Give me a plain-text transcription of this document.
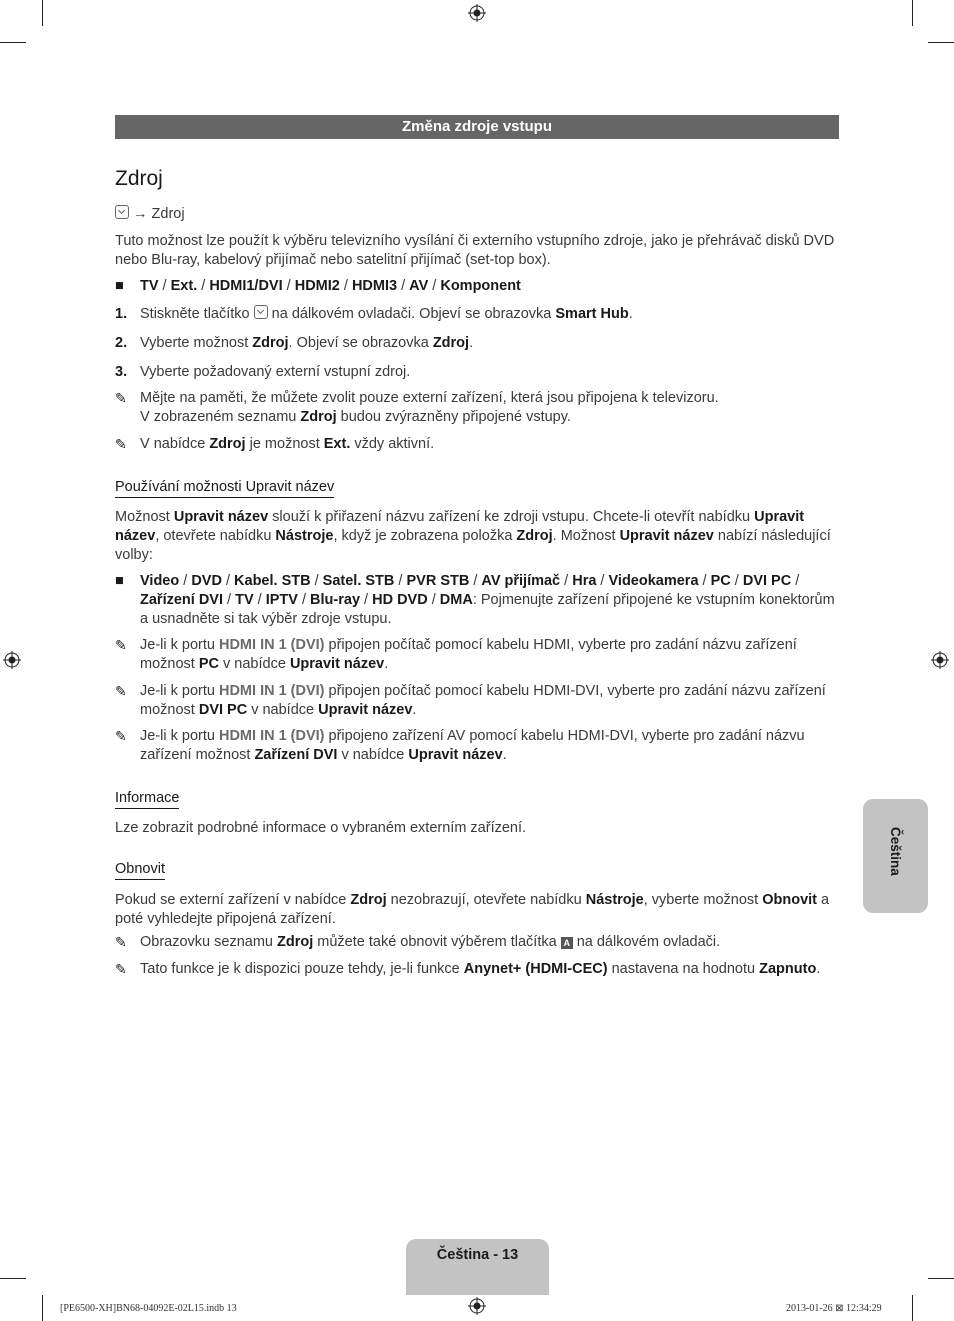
Změna zdroje vstupu
Zdroj
→ Zdroj
Tuto možnost lze použít k výběru televizního vysílání či externího vstupního zdroje, jako je přehrávač disků DVD nebo Blu-ray, kabelový přijímač nebo satelitní přijímač (set-top box).
■	TV / Ext. / HDMI1/DVI / HDMI2 / HDMI3 / AV / Komponent
1. Stiskněte tlačítko  na dálkovém ovladači. Objeví se obrazovka Smart Hub.
2. Vyberte možnost Zdroj. Objeví se obrazovka Zdroj.
3. Vyberte požadovaný externí vstupní zdroj.
✎ Mějte na paměti, že můžete zvolit pouze externí zařízení, která jsou připojena k televizoru.
V zobrazeném seznamu Zdroj budou zvýrazněny připojené vstupy.
✎ V nabídce Zdroj je možnost Ext. vždy aktivní.
Používání možnosti Upravit název
Možnost Upravit název slouží k přiřazení názvu zařízení ke zdroji vstupu. Chcete-li otevřít nabídku Upravit název, otevřete nabídku Nástroje, když je zobrazena položka Zdroj. Možnost Upravit název nabízí následující volby:
■	Video / DVD / Kabel. STB / Satel. STB / PVR STB / AV přijímač / Hra / Videokamera / PC / DVI PC / Zařízení DVI / TV / IPTV / Blu-ray / HD DVD / DMA: Pojmenujte zařízení připojené ke vstupním konektorům a usnadněte si tak výběr zdroje vstupu.
✎ Je-li k portu HDMI IN 1 (DVI) připojen počítač pomocí kabelu HDMI, vyberte pro zadání názvu zařízení možnost PC v nabídce Upravit název.
✎ Je-li k portu HDMI IN 1 (DVI) připojen počítač pomocí kabelu HDMI-DVI, vyberte pro zadání názvu zařízení možnost DVI PC v nabídce Upravit název.
✎ Je-li k portu HDMI IN 1 (DVI) připojeno zařízení AV pomocí kabelu HDMI-DVI, vyberte pro zadání názvu zařízení možnost Zařízení DVI v nabídce Upravit název.
Informace
Lze zobrazit podrobné informace o vybraném externím zařízení.
Obnovit
Pokud se externí zařízení v nabídce Zdroj nezobrazují, otevřete nabídku Nástroje, vyberte možnost Obnovit a poté vyhledejte připojená zařízení.
✎ Obrazovku seznamu Zdroj můžete také obnovit výběrem tlačítka A na dálkovém ovladači.
✎ Tato funkce je k dispozici pouze tehdy, je-li funkce Anynet+ (HDMI-CEC) nastavena na hodnotu Zapnuto.
Čeština
Čeština - 13
[PE6500-XH]BN68-04092E-02L15.indb 13	2013-01-26 ⊠ 12:34:29
